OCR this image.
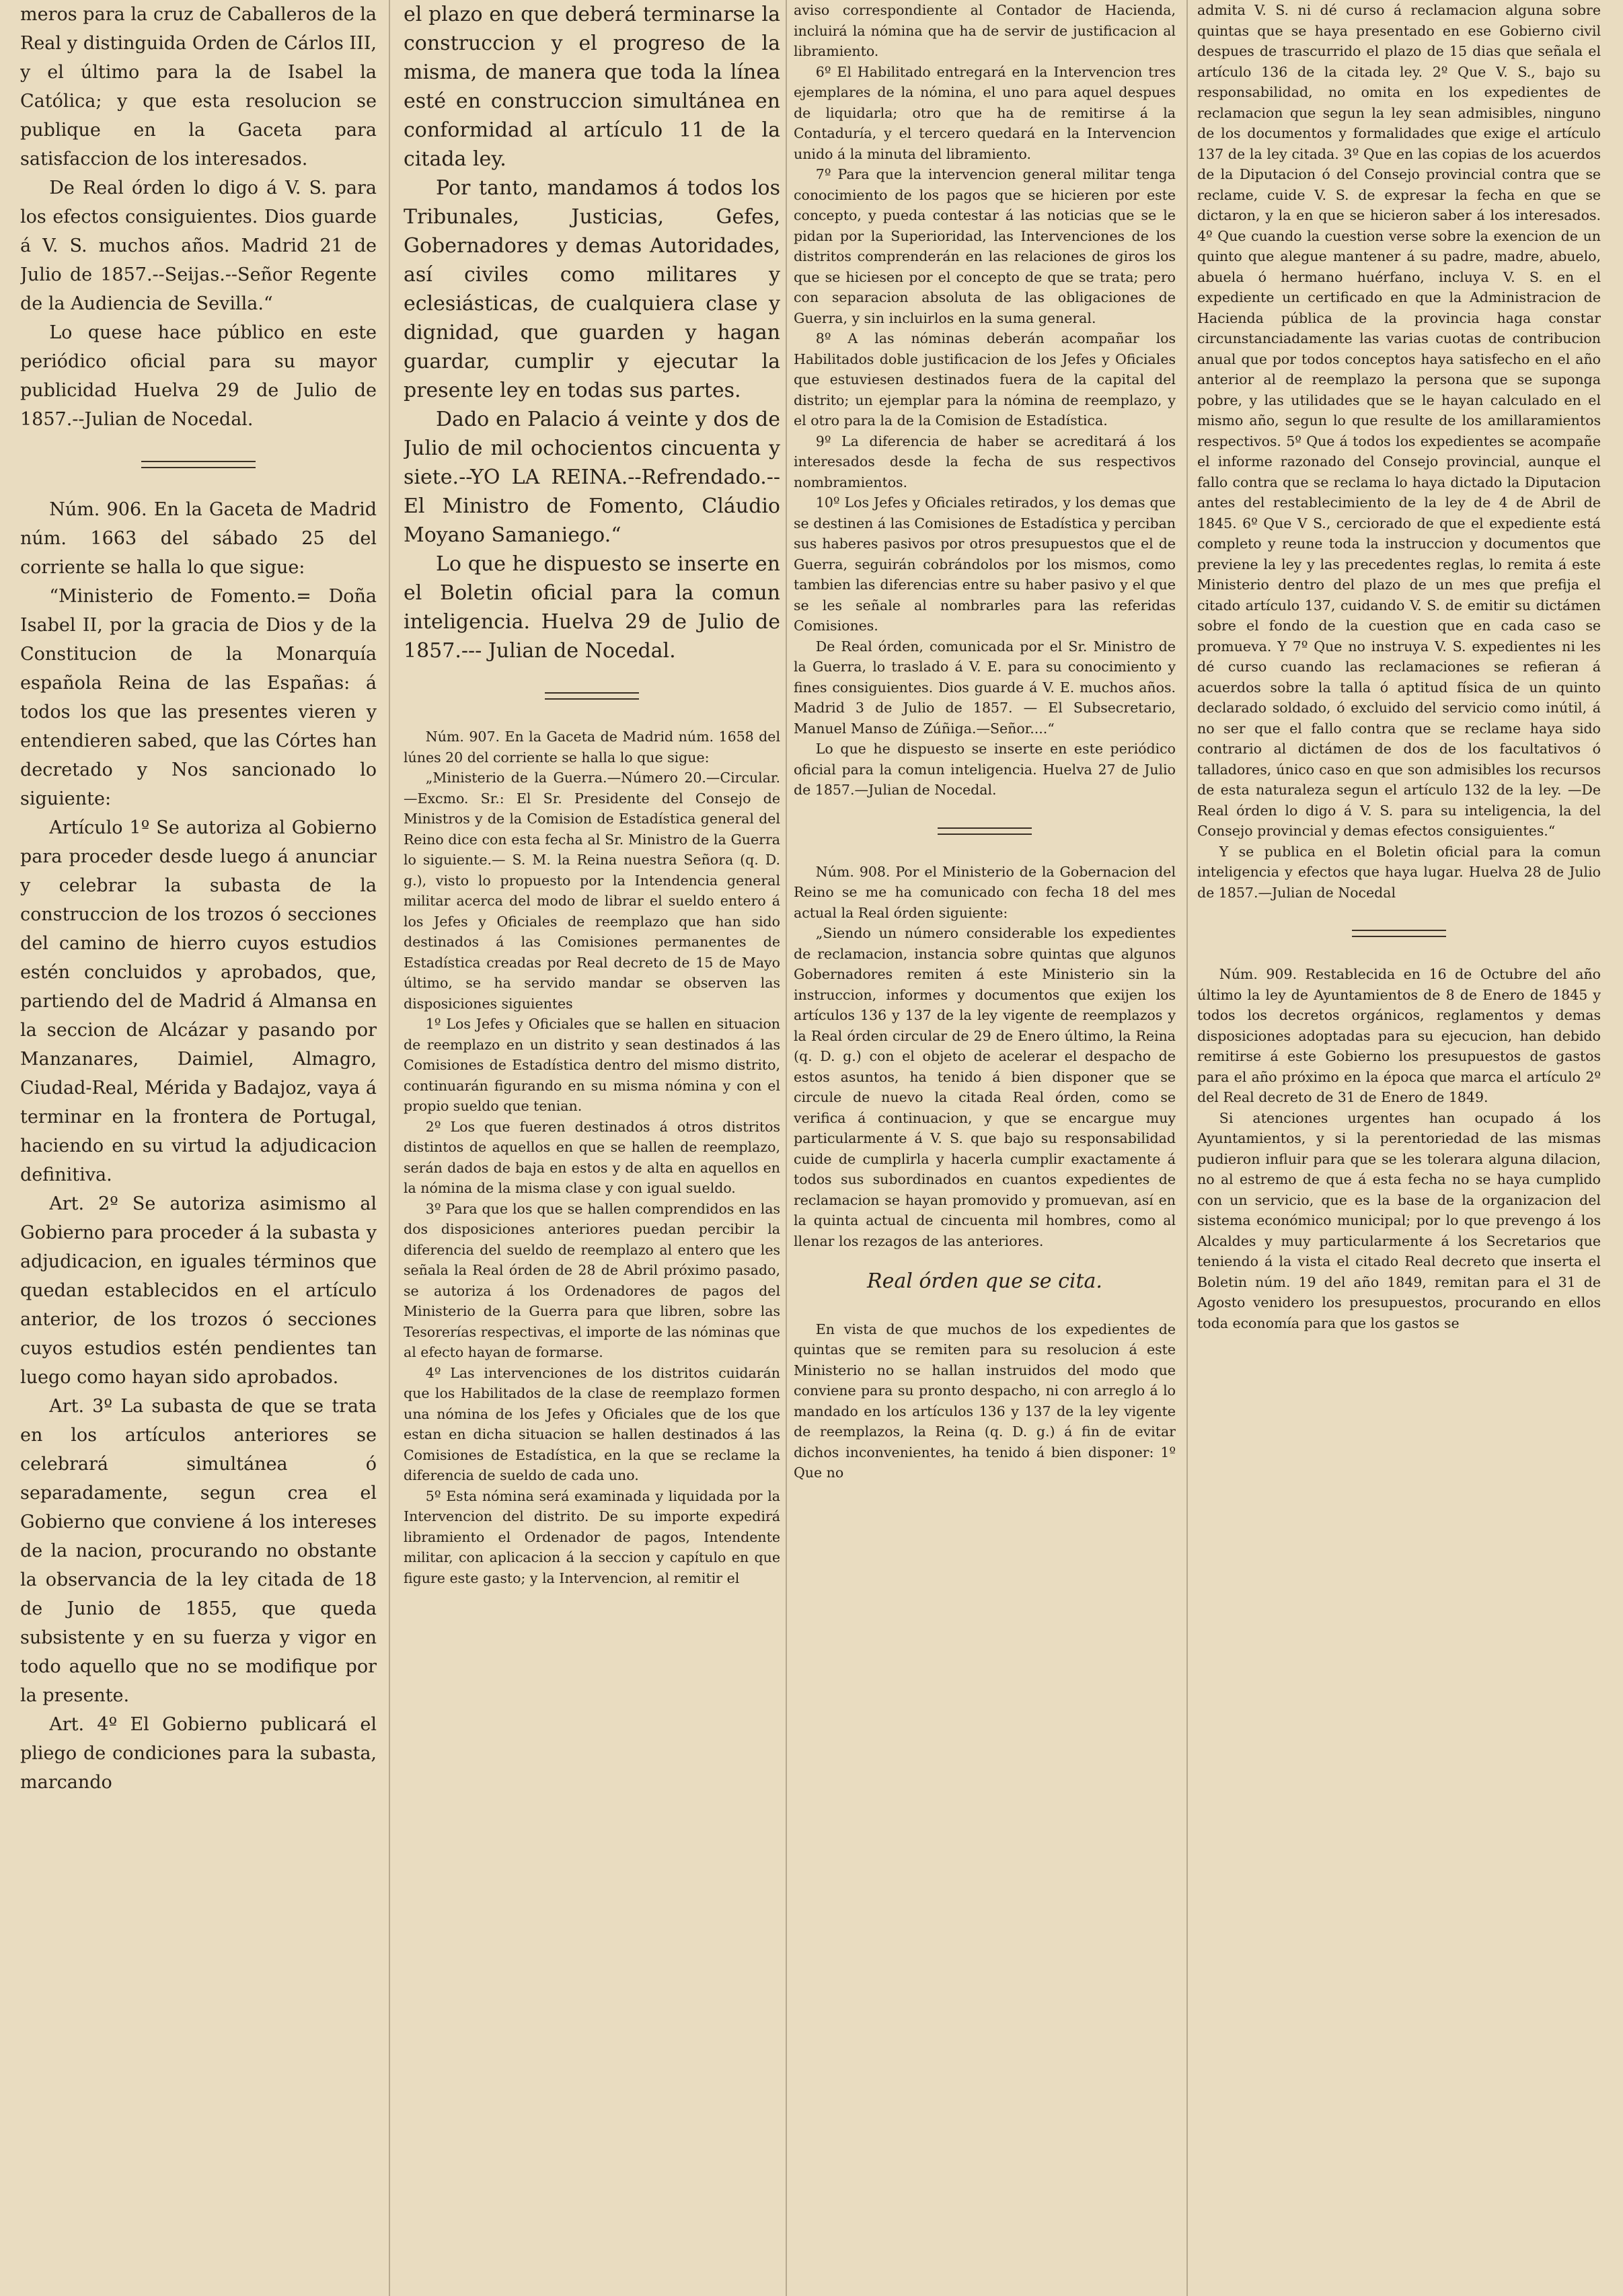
meros para la cruz de Caballeros de la Real y distinguida Orden de Cárlos III, y el último para la de Isabel la Católica; y que esta resolucion se publique en la Gaceta para satisfaccion de los interesados.

De Real órden lo digo á V. S. para los efectos consiguientes. Dios guarde á V. S. muchos años. Madrid 21 de Julio de 1857.--Seijas.--Señor Regente de la Audiencia de Sevilla.“

Lo quese hace público en este periódico oficial para su mayor publicidad Huelva 29 de Julio de 1857.--Julian de Nocedal.

Núm. 906. En la Gaceta de Madrid núm. 1663 del sábado 25 del corriente se halla lo que sigue:

“Ministerio de Fomento.= Doña Isabel II, por la gracia de Dios y de la Constitucion de la Monarquía española Reina de las Españas: á todos los que las presentes vieren y entendieren sabed, que las Córtes han decretado y Nos sancionado lo siguiente:

Artículo 1º Se autoriza al Gobierno para proceder desde luego á anunciar y celebrar la subasta de la construccion de los trozos ó secciones del camino de hierro cuyos estudios estén concluidos y aprobados, que, partiendo del de Madrid á Almansa en la seccion de Alcázar y pasando por Manzanares, Daimiel, Almagro, Ciudad-Real, Mérida y Badajoz, vaya á terminar en la frontera de Portugal, haciendo en su virtud la adjudicacion definitiva.

Art. 2º Se autoriza asimismo al Gobierno para proceder á la subasta y adjudicacion, en iguales términos que quedan establecidos en el artículo anterior, de los trozos ó secciones cuyos estudios estén pendientes tan luego como hayan sido aprobados.

Art. 3º La subasta de que se trata en los artículos anteriores se celebrará simultánea ó separadamente, segun crea el Gobierno que conviene á los intereses de la nacion, procurando no obstante la observancia de la ley citada de 18 de Junio de 1855, que queda subsistente y en su fuerza y vigor en todo aquello que no se modifique por la presente.

Art. 4º El Gobierno publicará el pliego de condiciones para la subasta, marcando

el plazo en que deberá terminarse la construccion y el progreso de la misma, de manera que toda la línea esté en construccion simultánea en conformidad al artículo 11 de la citada ley.

Por tanto, mandamos á todos los Tribunales, Justicias, Gefes, Gobernadores y demas Autoridades, así civiles como militares y eclesiásticas, de cualquiera clase y dignidad, que guarden y hagan guardar, cumplir y ejecutar la presente ley en todas sus partes.

Dado en Palacio á veinte y dos de Julio de mil ochocientos cincuenta y siete.--YO LA REINA.--Refrendado.--El Ministro de Fomento, Cláudio Moyano Samaniego.“

Lo que he dispuesto se inserte en el Boletin oficial para la comun inteligencia. Huelva 29 de Julio de 1857.--- Julian de Nocedal.

Núm. 907. En la Gaceta de Madrid núm. 1658 del lúnes 20 del corriente se halla lo que sigue:

„Ministerio de la Guerra.—Número 20.—Circular.—Excmo. Sr.: El Sr. Presidente del Consejo de Ministros y de la Comision de Estadística general del Reino dice con esta fecha al Sr. Ministro de la Guerra lo siguiente.— S. M. la Reina nuestra Señora (q. D. g.), visto lo propuesto por la Intendencia general militar acerca del modo de librar el sueldo entero á los Jefes y Oficiales de reemplazo que han sido destinados á las Comisiones permanentes de Estadística creadas por Real decreto de 15 de Mayo último, se ha servido mandar se observen las disposiciones siguientes

1º Los Jefes y Oficiales que se hallen en situacion de reemplazo en un distrito y sean destinados á las Comisiones de Estadística dentro del mismo distrito, continuarán figurando en su misma nómina y con el propio sueldo que tenian.

2º Los que fueren destinados á otros distritos distintos de aquellos en que se hallen de reemplazo, serán dados de baja en estos y de alta en aquellos en la nómina de la misma clase y con igual sueldo.

3º Para que los que se hallen comprendidos en las dos disposiciones anteriores puedan percibir la diferencia del sueldo de reemplazo al entero que les señala la Real órden de 28 de Abril próximo pasado, se autoriza á los Ordenadores de pagos del Ministerio de la Guerra para que libren, sobre las Tesorerías respectivas, el importe de las nóminas que al efecto hayan de formarse.

4º Las intervenciones de los distritos cuidarán que los Habilitados de la clase de reemplazo formen una nómina de los Jefes y Oficiales que de los que estan en dicha situacion se hallen destinados á las Comisiones de Estadística, en la que se reclame la diferencia de sueldo de cada uno.

5º Esta nómina será examinada y liquidada por la Intervencion del distrito. De su importe expedirá libramiento el Ordenador de pagos, Intendente militar, con aplicacion á la seccion y capítulo en que figure este gasto; y la Intervencion, al remitir el

aviso correspondiente al Contador de Hacienda, incluirá la nómina que ha de servir de justificacion al libramiento.

6º El Habilitado entregará en la Intervencion tres ejemplares de la nómina, el uno para aquel despues de liquidarla; otro que ha de remitirse á la Contaduría, y el tercero quedará en la Intervencion unido á la minuta del libramiento.

7º Para que la intervencion general militar tenga conocimiento de los pagos que se hicieren por este concepto, y pueda contestar á las noticias que se le pidan por la Superioridad, las Intervenciones de los distritos comprenderán en las relaciones de giros los que se hiciesen por el concepto de que se trata; pero con separacion absoluta de las obligaciones de Guerra, y sin incluirlos en la suma general.

8º A las nóminas deberán acompañar los Habilitados doble justificacion de los Jefes y Oficiales que estuviesen destinados fuera de la capital del distrito; un ejemplar para la nómina de reemplazo, y el otro para la de la Comision de Estadística.

9º La diferencia de haber se acreditará á los interesados desde la fecha de sus respectivos nombramientos.

10º Los Jefes y Oficiales retirados, y los demas que se destinen á las Comisiones de Estadística y perciban sus haberes pasivos por otros presupuestos que el de Guerra, seguirán cobrándolos por los mismos, como tambien las diferencias entre su haber pasivo y el que se les señale al nombrarles para las referidas Comisiones.

De Real órden, comunicada por el Sr. Ministro de la Guerra, lo traslado á V. E. para su conocimiento y fines consiguientes. Dios guarde á V. E. muchos años. Madrid 3 de Julio de 1857. — El Subsecretario, Manuel Manso de Zúñiga.—Señor....“

Lo que he dispuesto se inserte en este periódico oficial para la comun inteligencia. Huelva 27 de Julio de 1857.—Julian de Nocedal.

Núm. 908. Por el Ministerio de la Gobernacion del Reino se me ha comunicado con fecha 18 del mes actual la Real órden siguiente:

„Siendo un número considerable los expedientes de reclamacion, instancia sobre quintas que algunos Gobernadores remiten á este Ministerio sin la instruccion, informes y documentos que exijen los artículos 136 y 137 de la ley vigente de reemplazos y la Real órden circular de 29 de Enero último, la Reina (q. D. g.) con el objeto de acelerar el despacho de estos asuntos, ha tenido á bien disponer que se circule de nuevo la citada Real órden, como se verifica á continuacion, y que se encargue muy particularmente á V. S. que bajo su responsabilidad cuide de cumplirla y hacerla cumplir exactamente á todos sus subordinados en cuantos expedientes de reclamacion se hayan promovido y promuevan, así en la quinta actual de cincuenta mil hombres, como al llenar los rezagos de las anteriores.

Real órden que se cita.

En vista de que muchos de los expedientes de quintas que se remiten para su resolucion á este Ministerio no se hallan instruidos del modo que conviene para su pronto despacho, ni con arreglo á lo mandado en los artículos 136 y 137 de la ley vigente de reemplazos, la Reina (q. D. g.) á fin de evitar dichos inconvenientes, ha tenido á bien disponer: 1º Que no

admita V. S. ni dé curso á reclamacion alguna sobre quintas que se haya presentado en ese Gobierno civil despues de trascurrido el plazo de 15 dias que señala el artículo 136 de la citada ley. 2º Que V. S., bajo su responsabilidad, no omita en los expedientes de reclamacion que segun la ley sean admisibles, ninguno de los documentos y formalidades que exige el artículo 137 de la ley citada. 3º Que en las copias de los acuerdos de la Diputacion ó del Consejo provincial contra que se reclame, cuide V. S. de expresar la fecha en que se dictaron, y la en que se hicieron saber á los interesados. 4º Que cuando la cuestion verse sobre la exencion de un quinto que alegue mantener á su padre, madre, abuelo, abuela ó hermano huérfano, incluya V. S. en el expediente un certificado en que la Administracion de Hacienda pública de la provincia haga constar circunstanciadamente las varias cuotas de contribucion anual que por todos conceptos haya satisfecho en el año anterior al de reemplazo la persona que se suponga pobre, y las utilidades que se le hayan calculado en el mismo año, segun lo que resulte de los amillaramientos respectivos. 5º Que á todos los expedientes se acompañe el informe razonado del Consejo provincial, aunque el fallo contra que se reclama lo haya dictado la Diputacion antes del restablecimiento de la ley de 4 de Abril de 1845. 6º Que V S., cerciorado de que el expediente está completo y reune toda la instruccion y documentos que previene la ley y las precedentes reglas, lo remita á este Ministerio dentro del plazo de un mes que prefija el citado artículo 137, cuidando V. S. de emitir su dictámen sobre el fondo de la cuestion que en cada caso se promueva. Y 7º Que no instruya V. S. expedientes ni les dé curso cuando las reclamaciones se refieran á acuerdos sobre la talla ó aptitud física de un quinto declarado soldado, ó excluido del servicio como inútil, á no ser que el fallo contra que se reclame haya sido contrario al dictámen de dos de los facultativos ó talladores, único caso en que son admisibles los recursos de esta naturaleza segun el artículo 132 de la ley. —De Real órden lo digo á V. S. para su inteligencia, la del Consejo provincial y demas efectos consiguientes.“

Y se publica en el Boletin oficial para la comun inteligencia y efectos que haya lugar. Huelva 28 de Julio de 1857.—Julian de Nocedal

Núm. 909. Restablecida en 16 de Octubre del año último la ley de Ayuntamientos de 8 de Enero de 1845 y todos los decretos orgánicos, reglamentos y demas disposiciones adoptadas para su ejecucion, han debido remitirse á este Gobierno los presupuestos de gastos para el año próximo en la época que marca el artículo 2º del Real decreto de 31 de Enero de 1849.

Si atenciones urgentes han ocupado á los Ayuntamientos, y si la perentoriedad de las mismas pudieron influir para que se les tolerara alguna dilacion, no al estremo de que á esta fecha no se haya cumplido con un servicio, que es la base de la organizacion del sistema económico municipal; por lo que prevengo á los Alcaldes y muy particularmente á los Secretarios que teniendo á la vista el citado Real decreto que inserta el Boletin núm. 19 del año 1849, remitan para el 31 de Agosto venidero los presupuestos, procurando en ellos toda economía para que los gastos se
